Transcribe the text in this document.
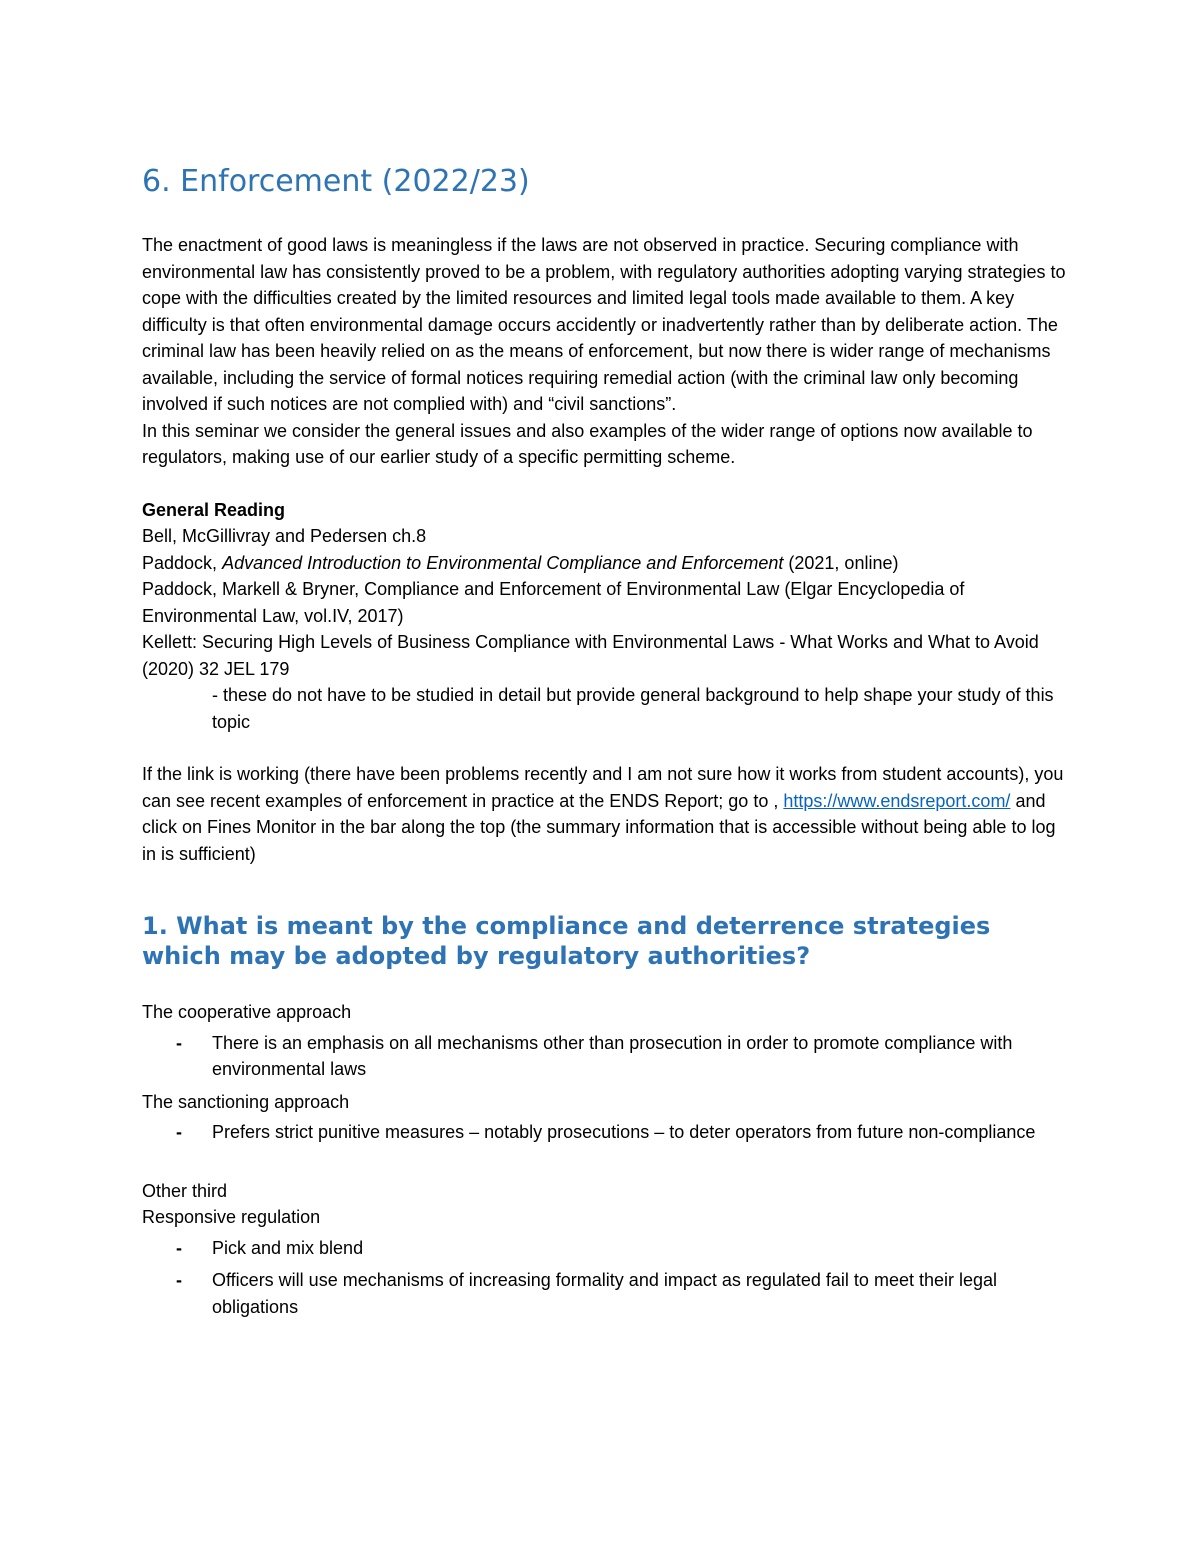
6. Enforcement (2022/23)

The enactment of good laws is meaningless if the laws are not observed in practice. Securing compliance with environmental law has consistently proved to be a problem, with regulatory authorities adopting varying strategies to cope with the difficulties created by the limited resources and limited legal tools made available to them. A key difficulty is that often environmental damage occurs accidently or inadvertently rather than by deliberate action. The criminal law has been heavily relied on as the means of enforcement, but now there is wider range of mechanisms available, including the service of formal notices requiring remedial action (with the criminal law only becoming involved if such notices are not complied with) and “civil sanctions”.

In this seminar we consider the general issues and also examples of the wider range of options now available to regulators, making use of our earlier study of a specific permitting scheme.

General Reading

Bell, McGillivray and Pedersen ch.8

Paddock, Advanced Introduction to Environmental Compliance and Enforcement (2021, online)

Paddock, Markell & Bryner, Compliance and Enforcement of Environmental Law (Elgar Encyclopedia of Environmental Law, vol.IV, 2017)

Kellett: Securing High Levels of Business Compliance with Environmental Laws - What Works and What to Avoid (2020) 32 JEL 179

- these do not have to be studied in detail but provide general background to help shape your study of this topic

If the link is working (there have been problems recently and I am not sure how it works from student accounts), you can see recent examples of enforcement in practice at the ENDS Report; go to , https://www.endsreport.com/ and click on Fines Monitor in the bar along the top (the summary information that is accessible without being able to log in is sufficient)

1. What is meant by the compliance and deterrence strategies which may be adopted by regulatory authorities?

The cooperative approach

- There is an emphasis on all mechanisms other than prosecution in order to promote compliance with environmental laws

The sanctioning approach

- Prefers strict punitive measures – notably prosecutions – to deter operators from future non-compliance

Other third

Responsive regulation

- Pick and mix blend
- Officers will use mechanisms of increasing formality and impact as regulated fail to meet their legal obligations
